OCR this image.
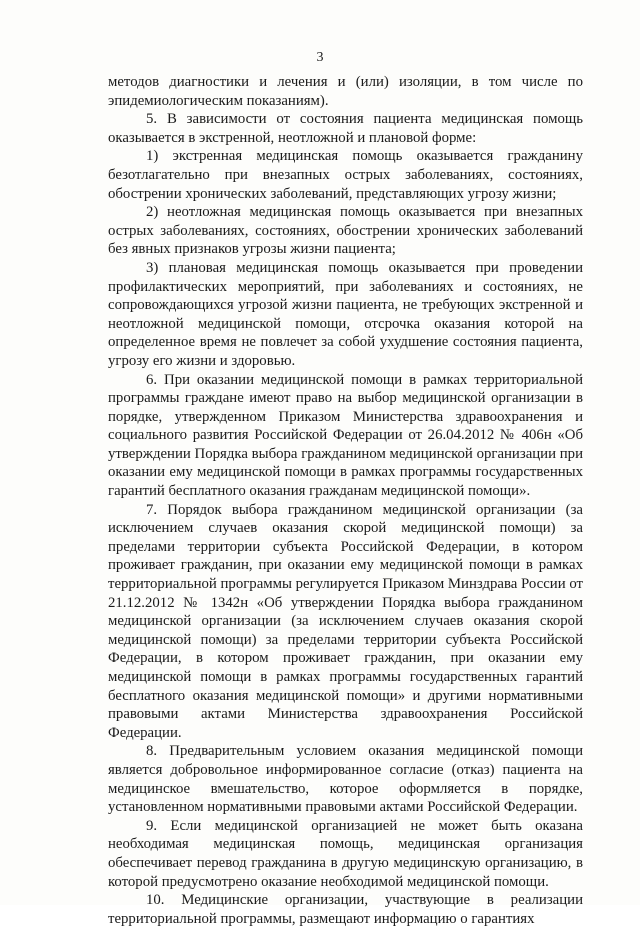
3

методов диагностики и лечения и (или) изоляции, в том числе по эпидемиологическим показаниям).

5. В зависимости от состояния пациента медицинская помощь оказывается в экстренной, неотложной и плановой форме:

1) экстренная медицинская помощь оказывается гражданину безотлагательно при внезапных острых заболеваниях, состояниях, обострении хронических заболеваний, представляющих угрозу жизни;

2) неотложная медицинская помощь оказывается при внезапных острых заболеваниях, состояниях, обострении хронических заболеваний без явных признаков угрозы жизни пациента;

3) плановая медицинская помощь оказывается при проведении профилактических мероприятий, при заболеваниях и состояниях, не сопровождающихся угрозой жизни пациента, не требующих экстренной и неотложной медицинской помощи, отсрочка оказания которой на определенное время не повлечет за собой ухудшение состояния пациента, угрозу его жизни и здоровью.

6. При оказании медицинской помощи в рамках территориальной программы граждане имеют право на выбор медицинской организации в порядке, утвержденном Приказом Министерства здравоохранения и социального развития Российской Федерации от 26.04.2012 № 406н «Об утверждении Порядка выбора гражданином медицинской организации при оказании ему медицинской помощи в рамках программы государственных гарантий бесплатного оказания гражданам медицинской помощи».

7. Порядок выбора гражданином медицинской организации (за исключением случаев оказания скорой медицинской помощи) за пределами территории субъекта Российской Федерации, в котором проживает гражданин, при оказании ему медицинской помощи в рамках территориальной программы регулируется Приказом Минздрава России от 21.12.2012 № 1342н «Об утверждении Порядка выбора гражданином медицинской организации (за исключением случаев оказания скорой медицинской помощи) за пределами территории субъекта Российской Федерации, в котором проживает гражданин, при оказании ему медицинской помощи в рамках программы государственных гарантий бесплатного оказания медицинской помощи» и другими нормативными правовыми актами Министерства здравоохранения Российской Федерации.

8. Предварительным условием оказания медицинской помощи является добровольное информированное согласие (отказ) пациента на медицинское вмешательство, которое оформляется в порядке, установленном нормативными правовыми актами Российской Федерации.

9. Если медицинской организацией не может быть оказана необходимая медицинская помощь, медицинская организация обеспечивает перевод гражданина в другую медицинскую организацию, в которой предусмотрено оказание необходимой медицинской помощи.

10. Медицинские организации, участвующие в реализации территориальной программы, размещают информацию о гарантиях
